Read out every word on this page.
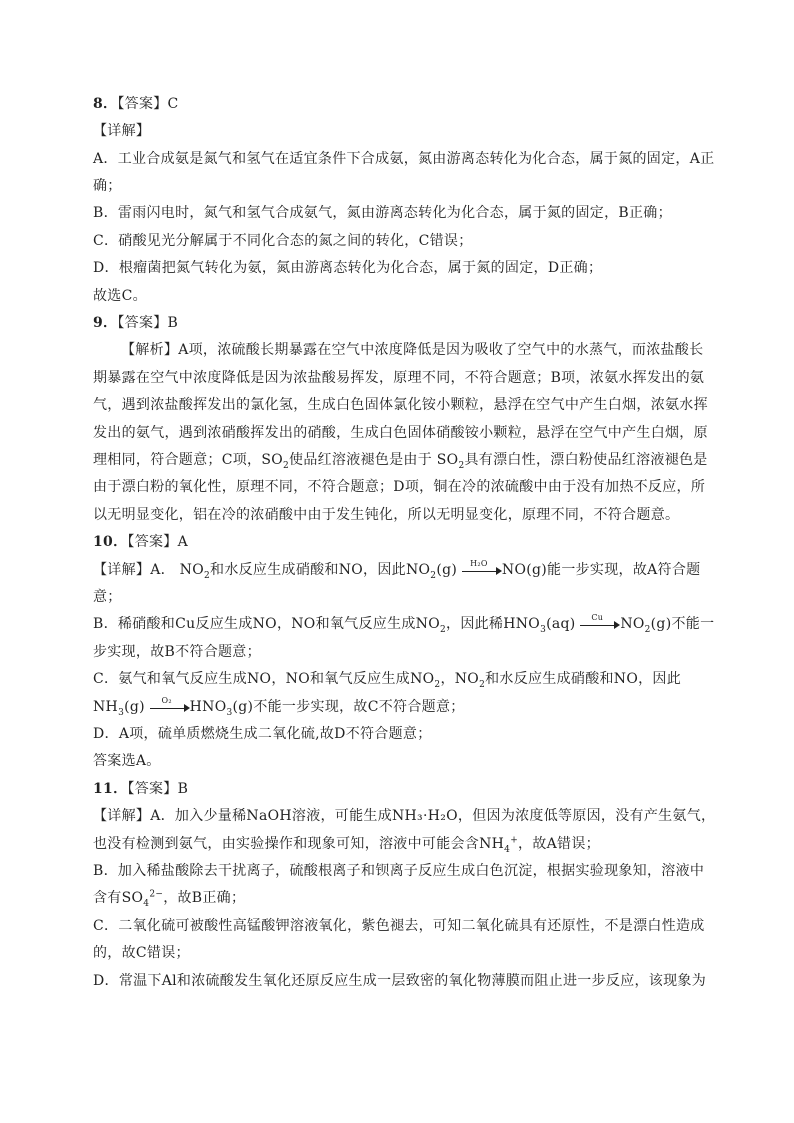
8．【答案】C
【详解】
A．工业合成氨是氮气和氢气在适宜条件下合成氨，氮由游离态转化为化合态，属于氮的固定，A正
确；
B．雷雨闪电时，氮气和氢气合成氨气，氮由游离态转化为化合态，属于氮的固定，B正确；
C．硝酸见光分解属于不同化合态的氮之间的转化，C错误；
D．根瘤菌把氮气转化为氨，氮由游离态转化为化合态，属于氮的固定，D正确；
故选C。
9．【答案】B
【解析】A项，浓硫酸长期暴露在空气中浓度降低是因为吸收了空气中的水蒸气，而浓盐酸长
期暴露在空气中浓度降低是因为浓盐酸易挥发，原理不同，不符合题意；B项，浓氨水挥发出的氨
气，遇到浓盐酸挥发出的氯化氢，生成白色固体氯化铵小颗粒，悬浮在空气中产生白烟，浓氨水挥
发出的氨气，遇到浓硝酸挥发出的硝酸，生成白色固体硝酸铵小颗粒，悬浮在空气中产生白烟，原
理相同，符合题意；C项，$SO_2$使品红溶液褪色是由于 $SO_2$具有漂白性，漂白粉使品红溶液褪色是
由于漂白粉的氧化性，原理不同，不符合题意；D项，铜在冷的浓硫酸中由于没有加热不反应，所
以无明显变化，铝在冷的浓硝酸中由于发生钝化，所以无明显变化，原理不同，不符合题意。
10．【答案】A
【详解】A． $NO_2$和水反应生成硝酸和NO，因此$NO_2(g)$	H₂O	NO(g)能一步实现，故A符合题
意；
B．稀硝酸和Cu反应生成NO，NO和氧气反应生成$NO_2$，因此稀$HNO_3(aq)$	Cu	$NO_2(g)$不能一
步实现，故B不符合题意；
C．氨气和氧气反应生成NO，NO和氧气反应生成$NO_2$，$NO_2$和水反应生成硝酸和NO，因此
$NH_3(g)$	O₂	$HNO_3(g)$不能一步实现，故C不符合题意；
D．A项，硫单质燃烧生成二氧化硫,故D不符合题意；
答案选A。
11．【答案】B
【详解】A．加入少量稀NaOH溶液，可能生成NH₃·H₂O，但因为浓度低等原因，没有产生氨气，
也没有检测到氨气，由实验操作和现象可知，溶液中可能会含$NH_4^+$，故A错误；
B．加入稀盐酸除去干扰离子，硫酸根离子和钡离子反应生成白色沉淀，根据实验现象知，溶液中
含有$SO_4^{2-}$，故B正确；
C．二氧化硫可被酸性高锰酸钾溶液氧化，紫色褪去，可知二氧化硫具有还原性，不是漂白性造成
的，故C错误；
D．常温下Al和浓硫酸发生氧化还原反应生成一层致密的氧化物薄膜而阻止进一步反应，该现象为
